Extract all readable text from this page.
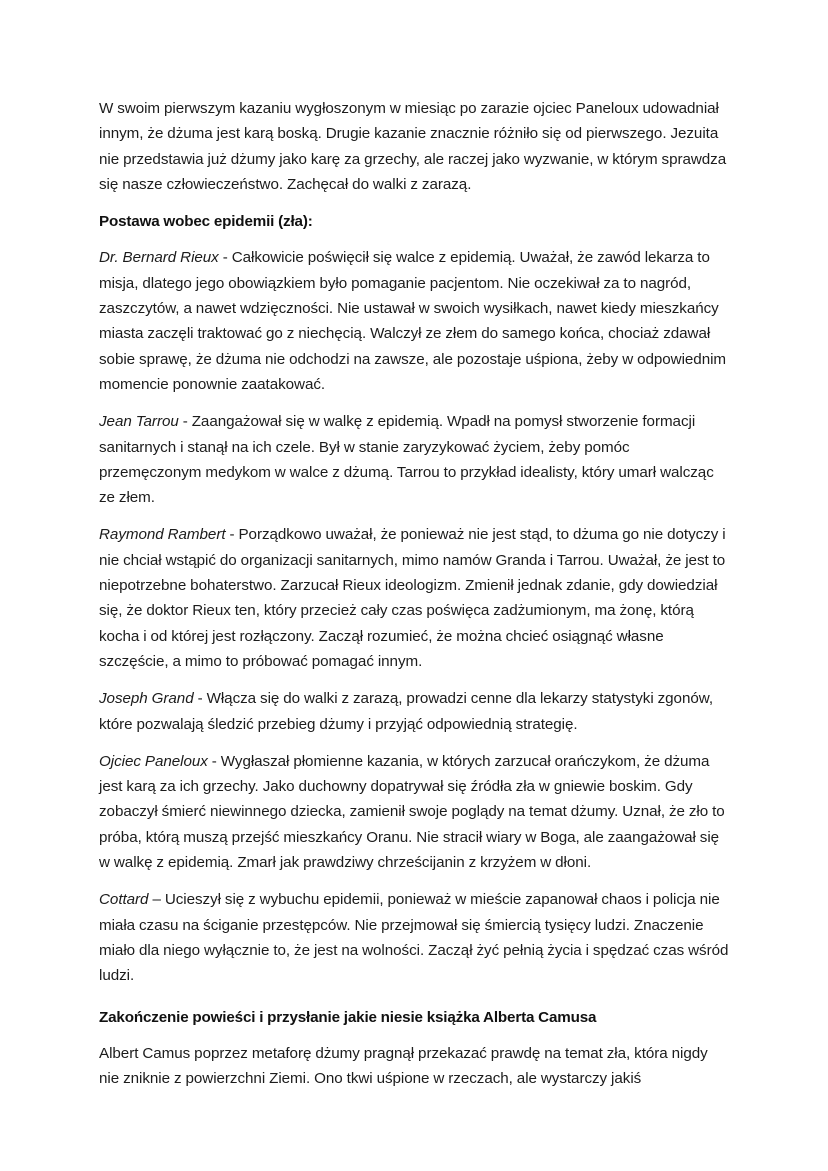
W swoim pierwszym kazaniu wygłoszonym w miesiąc po zarazie ojciec Paneloux udowadniał innym, że dżuma jest karą boską. Drugie kazanie znacznie różniło się od pierwszego. Jezuita nie przedstawia już dżumy jako karę za grzechy, ale raczej jako wyzwanie, w którym sprawdza się nasze człowieczeństwo. Zachęcał do walki z zarazą.

Postawa wobec epidemii (zła):

Dr. Bernard Rieux - Całkowicie poświęcił się walce z epidemią. Uważał, że zawód lekarza to misja, dlatego jego obowiązkiem było pomaganie pacjentom. Nie oczekiwał za to nagród, zaszczytów, a nawet wdzięczności. Nie ustawał w swoich wysiłkach, nawet kiedy mieszkańcy miasta zaczęli traktować go z niechęcią. Walczył ze złem do samego końca, chociaż zdawał sobie sprawę, że dżuma nie odchodzi na zawsze, ale pozostaje uśpiona, żeby w odpowiednim momencie ponownie zaatakować.

Jean Tarrou - Zaangażował się w walkę z epidemią. Wpadł na pomysł stworzenie formacji sanitarnych i stanął na ich czele. Był w stanie zaryzykować życiem, żeby pomóc przemęczonym medykom w walce z dżumą. Tarrou to przykład idealisty, który umarł walcząc ze złem.

Raymond Rambert - Porządkowo uważał, że ponieważ nie jest stąd, to dżuma go nie dotyczy i nie chciał wstąpić do organizacji sanitarnych, mimo namów Granda i Tarrou. Uważał, że jest to niepotrzebne bohaterstwo. Zarzucał Rieux ideologizm. Zmienił jednak zdanie, gdy dowiedział się, że doktor Rieux ten, który przecież cały czas poświęca zadżumionym, ma żonę, którą kocha i od której jest rozłączony. Zaczął rozumieć, że można chcieć osiągnąć własne szczęście, a mimo to próbować pomagać innym.

Joseph Grand - Włącza się do walki z zarazą, prowadzi cenne dla lekarzy statystyki zgonów, które pozwalają śledzić przebieg dżumy i przyjąć odpowiednią strategię.

Ojciec Paneloux - Wygłaszał płomienne kazania, w których zarzucał orańczykom, że dżuma jest karą za ich grzechy. Jako duchowny dopatrywał się źródła zła w gniewie boskim. Gdy zobaczył śmierć niewinnego dziecka, zamienił swoje poglądy na temat dżumy. Uznał, że zło to próba, którą muszą przejść mieszkańcy Oranu. Nie stracił wiary w Boga, ale zaangażował się w walkę z epidemią. Zmarł jak prawdziwy chrześcijanin z krzyżem w dłoni.

Cottard – Ucieszył się z wybuchu epidemii, ponieważ w mieście zapanował chaos i policja nie miała czasu na ściganie przestępców. Nie przejmował się śmiercią tysięcy ludzi. Znaczenie miało dla niego wyłącznie to, że jest na wolności. Zaczął żyć pełnią życia i spędzać czas wśród ludzi.

Zakończenie powieści i przysłanie jakie niesie książka Alberta Camusa

Albert Camus poprzez metaforę dżumy pragnął przekazać prawdę na temat zła, która nigdy nie zniknie z powierzchni Ziemi. Ono tkwi uśpione w rzeczach, ale wystarczy jakiś
